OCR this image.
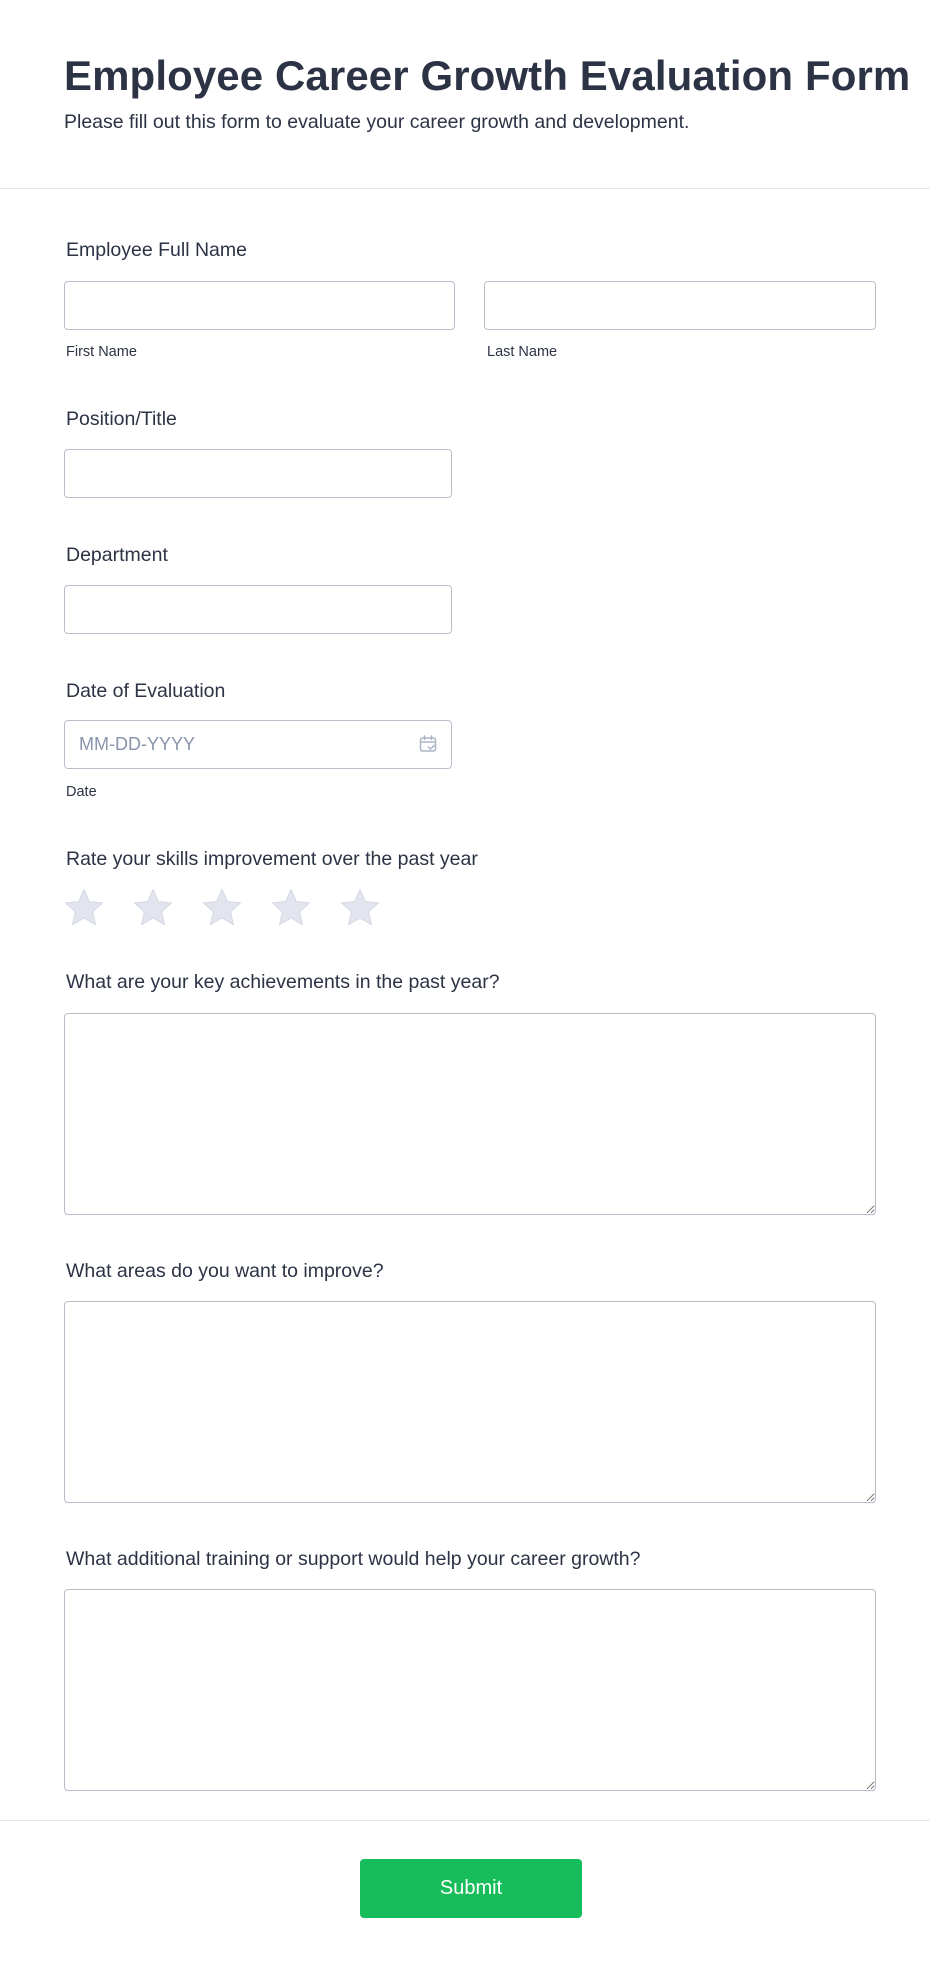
Employee Career Growth Evaluation Form

Please fill out this form to evaluate your career growth and development.

Employee Full Name
First Name	Last Name
Position/Title
Department
Date of Evaluation
MM-DD-YYYY
Date
Rate your skills improvement over the past year
What are your key achievements in the past year?
What areas do you want to improve?
What additional training or support would help your career growth?
Submit
